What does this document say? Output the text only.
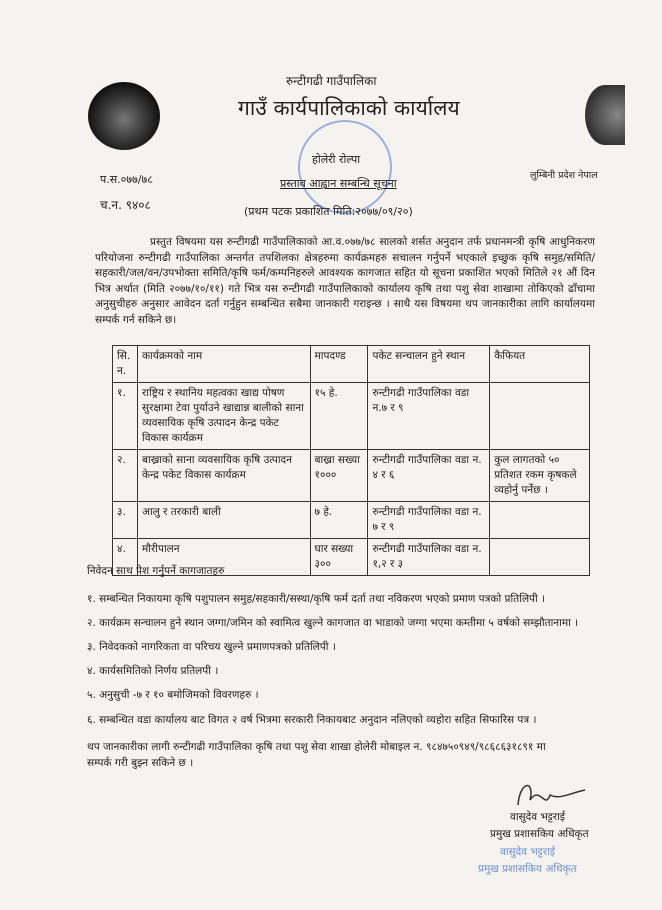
रुन्टीगढी गाउँपालिका
गाउँ कार्यपालिकाको कार्यालय
होलेरी रोल्पा
लुम्बिनी प्रदेश नेपाल
प.स.०७७/७८
च.न. ९४०८
प्रस्ताव आह्वान सम्बन्धि सूचना
(प्रथम पटक प्रकाशित मिति:२०७७/०९/२०)
प्रस्तुत विषयमा यस रुन्टीगढी गाउँपालिकाको आ.व.०७७/७८ सालको शर्सत अनुदान तर्फ प्रधानमन्त्री कृषि आधुनिकरण परियोजना रुन्टीगढी गाउँपालिका अन्तर्गत तपशिलका क्षेत्रहरुमा कार्यक्रमहरु सचालन गर्नुपर्ने भएकाले इच्छुक कृषि समुह/समिति/सहकारी/जल/वन/उपभोक्ता समिति/कृषि फर्म/कम्पनिहरुले आवश्यक कागजात सहित यो सूचना प्रकाशित भएको मितिले २१ औं दिन भित्र अर्थात (मिति २०७७/१०/११) गते भित्र यस रुन्टीगढी गाउँपालिकाको कार्यालय कृषि तथा पशु सेवा शाखामा तोकिएको ढाँचामा अनुसुचीहरु अनुसार आवेदन दर्ता गर्नुहुन सम्बन्धित सबैमा जानकारी गराइन्छ । साथै यस विषयमा थप जानकारीका लागि कार्यालयमा सम्पर्क गर्न सकिने छ।
सि. न.	कार्यक्रमको नाम	मापदण्ड	पकेट सन्चालन हुने स्थान	कैफियत
१.	राष्ट्रिय र स्थानिय महत्वका खाद्य पोषण सुरक्षामा टेवा पुर्याउने खाद्यान्न बालीको साना व्यवसायिक कृषि उत्पादन केन्द्र पकेट विकास कार्यक्रम	१५ हे.	रुन्टीगढी गाउँपालिका वडा न.७ र ९	
२.	बाख्राको साना व्यवसायिक कृषि उत्पादन केन्द्र पकेट विकास कार्यक्रम	बाख्रा सख्या १०००	रुन्टीगढी गाउँपालिका वडा न. ४ र ६	कुल लागतको ५० प्रतिशत रकम कृषकले व्यहोर्नु पर्नेछ ।
३.	आलु र तरकारी बाली	७ हे.	रुन्टीगढी गाउँपालिका वडा न. ७ र ९	
४.	मौरीपालन	घार सख्या ३००	रुन्टीगढी गाउँपालिका वडा न. १,२ र ३	
निवेदन साथ पेश गर्नुपर्ने कागजातहरु
१. सम्बन्धित निकायमा कृषि पशुपालन समुह/सहकारी/सस्था/कृषि फर्म दर्ता तथा नविकरण भएको प्रमाण पत्रको प्रतिलिपी ।
२. कार्यक्रम सन्चालन हुने स्थान जग्गा/जमिन को स्वामित्व खुल्ने कागजात वा भाडाको जग्गा भएमा कम्तीमा ५ वर्षको सम्झौतानामा ।
३. निवेदकको नागरिकता वा परिचय खुल्ने प्रमाणपत्रको प्रतिलिपी ।
४. कार्यसमितिको निर्णय प्रतिलपी ।
५. अनुसुची -७ र १० बमोजिमको विवरणहरु ।
६. सम्बन्धित वडा कार्यालय बाट विगत २ वर्ष भित्रमा सरकारी निकायबाट अनुदान नलिएको व्यहोरा सहित सिफारिस पत्र ।
थप जानकारीका लागी रुन्टीगढी गाउँपालिका कृषि तथा पशु सेवा शाखा होलेरी मोबाइल न. ९८४७५०९४९/९८६८६३१८९१ मा
सम्पर्क गरी बुझ्न सकिने छ ।
वासुदेव भट्टराई
प्रमुख प्रशासकिय अधिकृत
वासुदेव भट्टराई
प्रमुख प्रशासकिय अधिकृत
